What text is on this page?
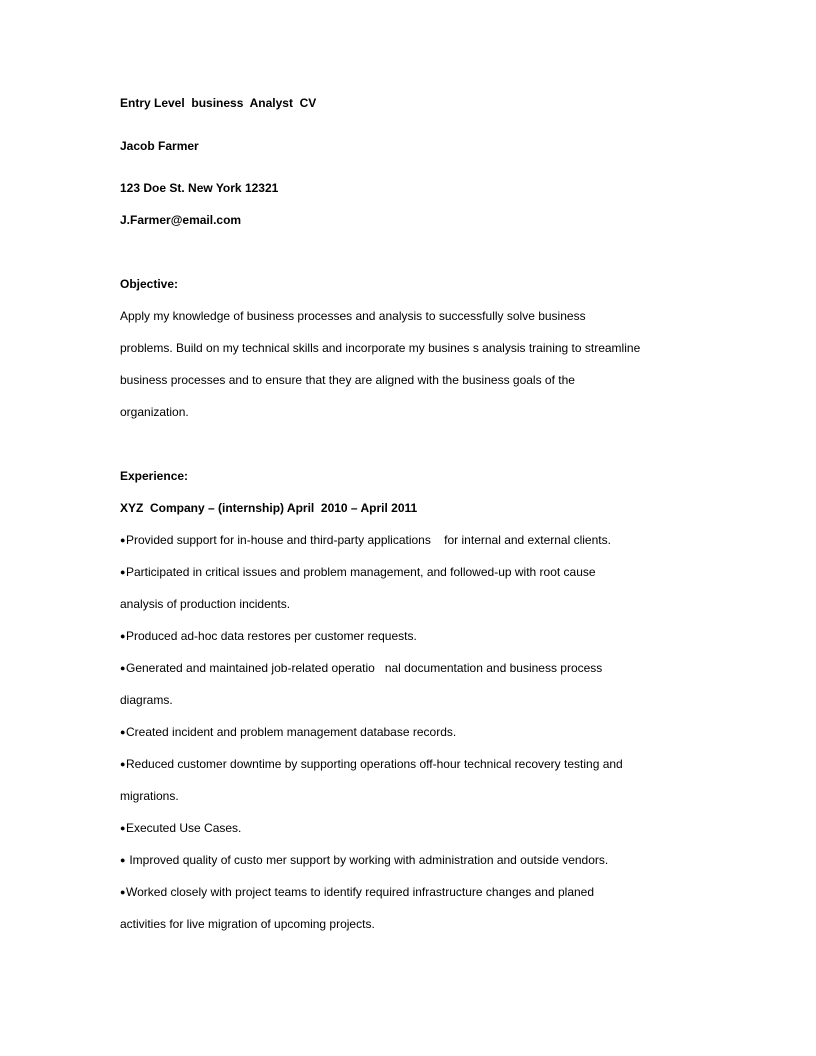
Entry Level  business  Analyst  CV

Jacob Farmer

123 Doe St. New York 12321

J.Farmer@email.com

Objective:

Apply my knowledge of business processes and analysis to successfully solve business

problems. Build on my technical skills and incorporate my busines s analysis training to streamline

business processes and to ensure that they are aligned with the business goals of the

organization.

Experience:

XYZ  Company – (internship) April  2010 – April 2011

●Provided support for in-house and third-party applications    for internal and external clients.

●Participated in critical issues and problem management, and followed-up with root cause

analysis of production incidents.

●Produced ad-hoc data restores per customer requests.

●Generated and maintained job-related operatio   nal documentation and business process

diagrams.

●Created incident and problem management database records.

●Reduced customer downtime by supporting operations off-hour technical recovery testing and

migrations.

●Executed Use Cases.

● Improved quality of custo mer support by working with administration and outside vendors.

●Worked closely with project teams to identify required infrastructure changes and planed

activities for live migration of upcoming projects.
